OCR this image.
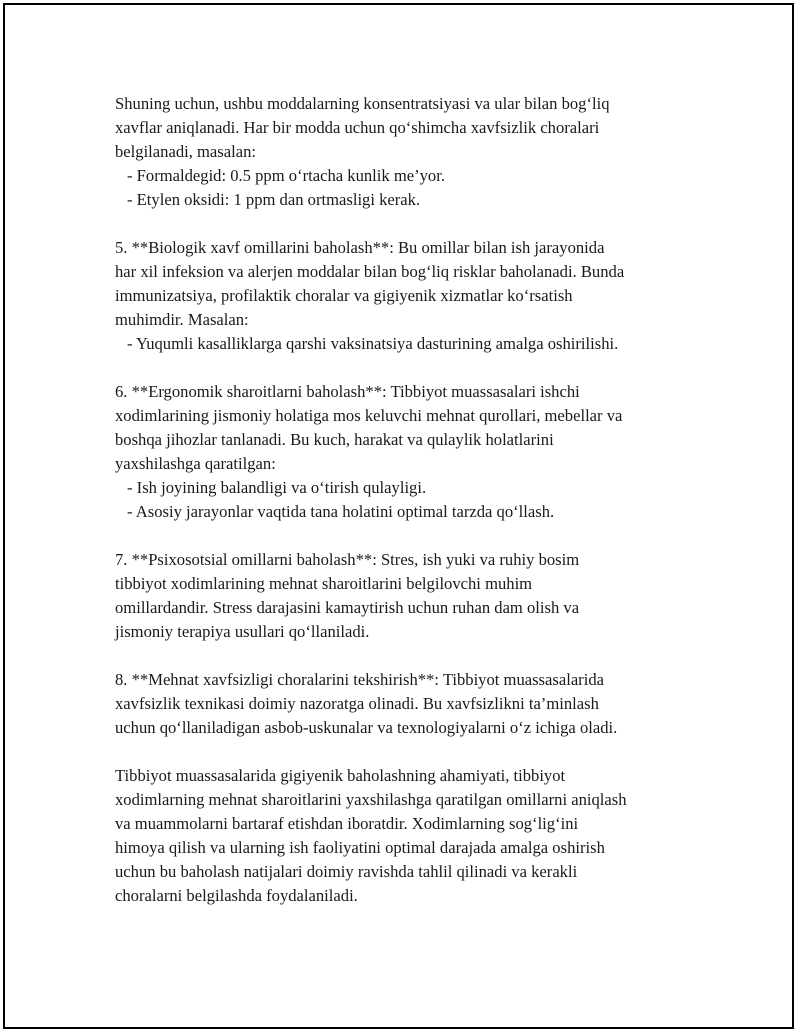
Shuning uchun, ushbu moddalarning konsentratsiyasi va ular bilan bog‘liq
xavflar aniqlanadi. Har bir modda uchun qo‘shimcha xavfsizlik choralari
belgilanadi, masalan:
- Formaldegid: 0.5 ppm o‘rtacha kunlik me’yor.
- Etylen oksidi: 1 ppm dan ortmasligi kerak.
5. **Biologik xavf omillarini baholash**: Bu omillar bilan ish jarayonida
har xil infeksion va alerjen moddalar bilan bog‘liq risklar baholanadi. Bunda
immunizatsiya, profilaktik choralar va gigiyenik xizmatlar ko‘rsatish
muhimdir. Masalan:
- Yuqumli kasalliklarga qarshi vaksinatsiya dasturining amalga oshirilishi.
6. **Ergonomik sharoitlarni baholash**: Tibbiyot muassasalari ishchi
xodimlarining jismoniy holatiga mos keluvchi mehnat qurollari, mebellar va
boshqa jihozlar tanlanadi. Bu kuch, harakat va qulaylik holatlarini
yaxshilashga qaratilgan:
- Ish joyining balandligi va o‘tirish qulayligi.
- Asosiy jarayonlar vaqtida tana holatini optimal tarzda qo‘llash.
7. **Psixosotsial omillarni baholash**: Stres, ish yuki va ruhiy bosim
tibbiyot xodimlarining mehnat sharoitlarini belgilovchi muhim
omillardandir. Stress darajasini kamaytirish uchun ruhan dam olish va
jismoniy terapiya usullari qo‘llaniladi.
8. **Mehnat xavfsizligi choralarini tekshirish**: Tibbiyot muassasalarida
xavfsizlik texnikasi doimiy nazoratga olinadi. Bu xavfsizlikni ta’minlash
uchun qo‘llaniladigan asbob-uskunalar va texnologiyalarni o‘z ichiga oladi.
Tibbiyot muassasalarida gigiyenik baholashning ahamiyati, tibbiyot
xodimlarning mehnat sharoitlarini yaxshilashga qaratilgan omillarni aniqlash
va muammolarni bartaraf etishdan iboratdir. Xodimlarning sog‘lig‘ini
himoya qilish va ularning ish faoliyatini optimal darajada amalga oshirish
uchun bu baholash natijalari doimiy ravishda tahlil qilinadi va kerakli
choralarni belgilashda foydalaniladi.
